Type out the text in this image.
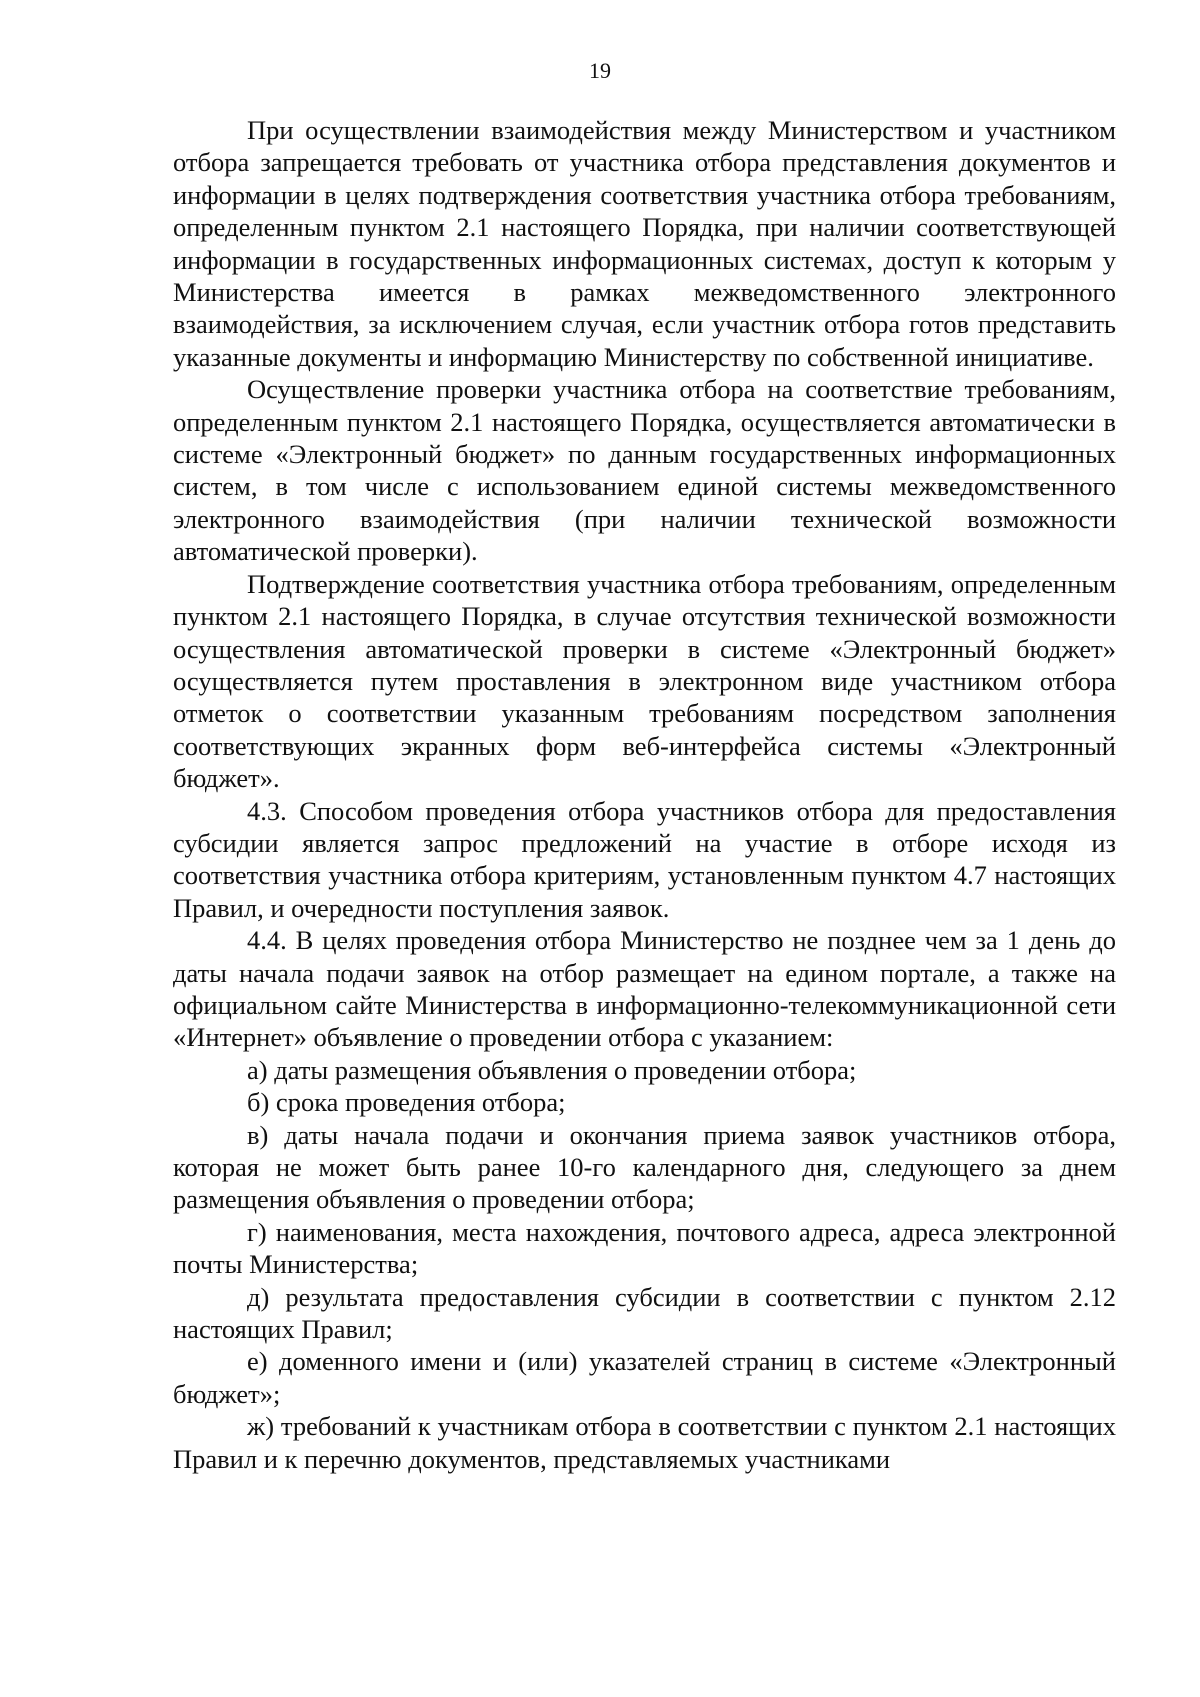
19

При осуществлении взаимодействия между Министерством и участником отбора запрещается требовать от участника отбора представления документов и информации в целях подтверждения соответствия участника отбора требованиям, определенным пунктом 2.1 настоящего Порядка, при наличии соответствующей информации в государственных информационных системах, доступ к которым у Министерства имеется в рамках межведомственного электронного взаимодействия, за исключением случая, если участник отбора готов представить указанные документы и информацию Министерству по собственной инициативе.

Осуществление проверки участника отбора на соответствие требованиям, определенным пунктом 2.1 настоящего Порядка, осуществляется автоматически в системе «Электронный бюджет» по данным государственных информационных систем, в том числе с использованием единой системы межведомственного электронного взаимодействия (при наличии технической возможности автоматической проверки).

Подтверждение соответствия участника отбора требованиям, определенным пунктом 2.1 настоящего Порядка, в случае отсутствия технической возможности осуществления автоматической проверки в системе «Электронный бюджет» осуществляется путем проставления в электронном виде участником отбора отметок о соответствии указанным требованиям посредством заполнения соответствующих экранных форм веб-интерфейса системы «Электронный бюджет».

4.3. Способом проведения отбора участников отбора для предоставления субсидии является запрос предложений на участие в отборе исходя из соответствия участника отбора критериям, установленным пунктом 4.7 настоящих Правил, и очередности поступления заявок.

4.4. В целях проведения отбора Министерство не позднее чем за 1 день до даты начала подачи заявок на отбор размещает на едином портале, а также на официальном сайте Министерства в информационно-телекоммуникационной сети «Интернет» объявление о проведении отбора с указанием:

а) даты размещения объявления о проведении отбора;

б) срока проведения отбора;

в) даты начала подачи и окончания приема заявок участников отбора, которая не может быть ранее 10-го календарного дня, следующего за днем размещения объявления о проведении отбора;

г) наименования, места нахождения, почтового адреса, адреса электронной почты Министерства;

д) результата предоставления субсидии в соответствии с пунктом 2.12 настоящих Правил;

е) доменного имени и (или) указателей страниц в системе «Электронный бюджет»;

ж) требований к участникам отбора в соответствии с пунктом 2.1 настоящих Правил и к перечню документов, представляемых участниками
